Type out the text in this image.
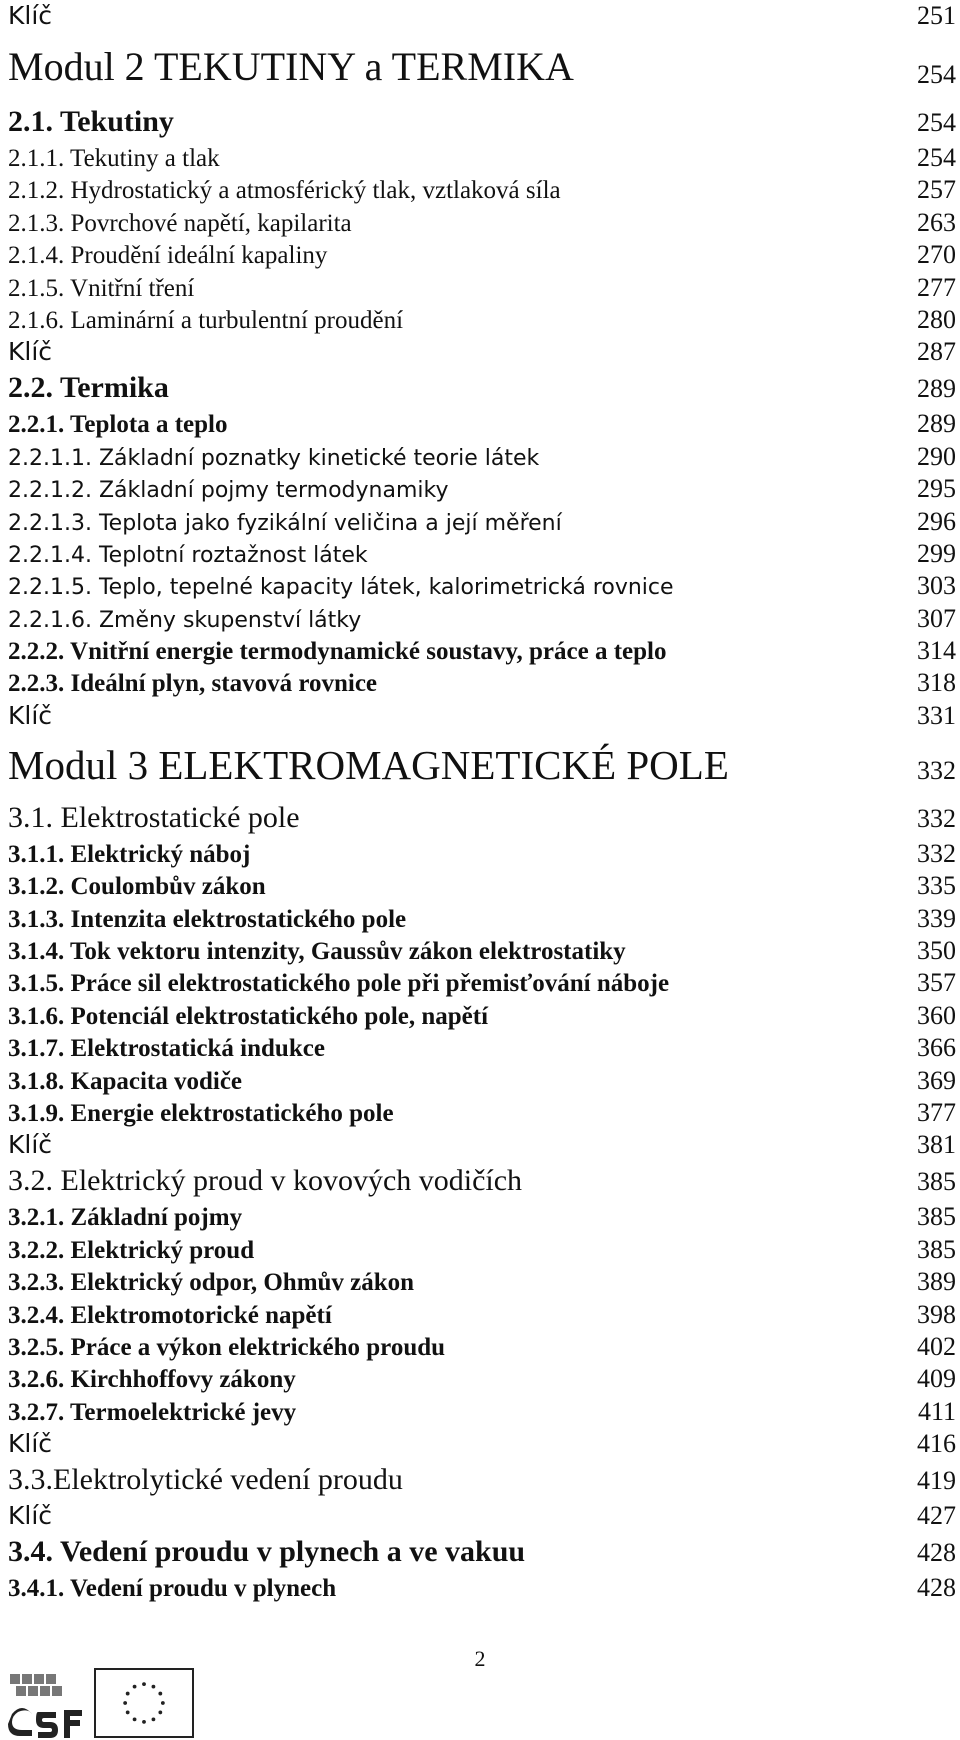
Klíč	251
Modul 2 TEKUTINY a TERMIKA	254
2.1. Tekutiny	254
2.1.1. Tekutiny a tlak	254
2.1.2. Hydrostatický a atmosférický tlak, vztlaková síla	257
2.1.3. Povrchové napětí, kapilarita	263
2.1.4. Proudění ideální kapaliny	270
2.1.5. Vnitřní tření	277
2.1.6. Laminární a turbulentní proudění	280
Klíč	287
2.2. Termika	289
2.2.1. Teplota a teplo	289
2.2.1.1. Základní poznatky kinetické teorie látek	290
2.2.1.2. Základní pojmy termodynamiky	295
2.2.1.3. Teplota jako fyzikální veličina a její měření	296
2.2.1.4. Teplotní roztažnost látek	299
2.2.1.5. Teplo, tepelné kapacity látek, kalorimetrická rovnice	303
2.2.1.6. Změny skupenství látky	307
2.2.2. Vnitřní energie termodynamické soustavy, práce a teplo	314
2.2.3. Ideální plyn, stavová rovnice	318
Klíč	331
Modul 3 ELEKTROMAGNETICKÉ POLE	332
3.1. Elektrostatické pole	332
3.1.1. Elektrický náboj	332
3.1.2. Coulombův zákon	335
3.1.3. Intenzita elektrostatického pole	339
3.1.4. Tok vektoru intenzity, Gaussův zákon elektrostatiky	350
3.1.5. Práce sil elektrostatického pole při přemisťování náboje	357
3.1.6. Potenciál elektrostatického pole, napětí	360
3.1.7. Elektrostatická indukce	366
3.1.8. Kapacita vodiče	369
3.1.9. Energie elektrostatického pole	377
Klíč	381
3.2. Elektrický proud v kovových vodičích	385
3.2.1. Základní pojmy	385
3.2.2. Elektrický proud	385
3.2.3. Elektrický odpor, Ohmův zákon	389
3.2.4. Elektromotorické napětí	398
3.2.5. Práce a výkon elektrického proudu	402
3.2.6. Kirchhoffovy zákony	409
3.2.7. Termoelektrické jevy	411
Klíč	416
3.3.Elektrolytické vedení proudu	419
Klíč	427
3.4. Vedení proudu v plynech a ve vakuu	428
3.4.1. Vedení proudu v plynech	428
2
